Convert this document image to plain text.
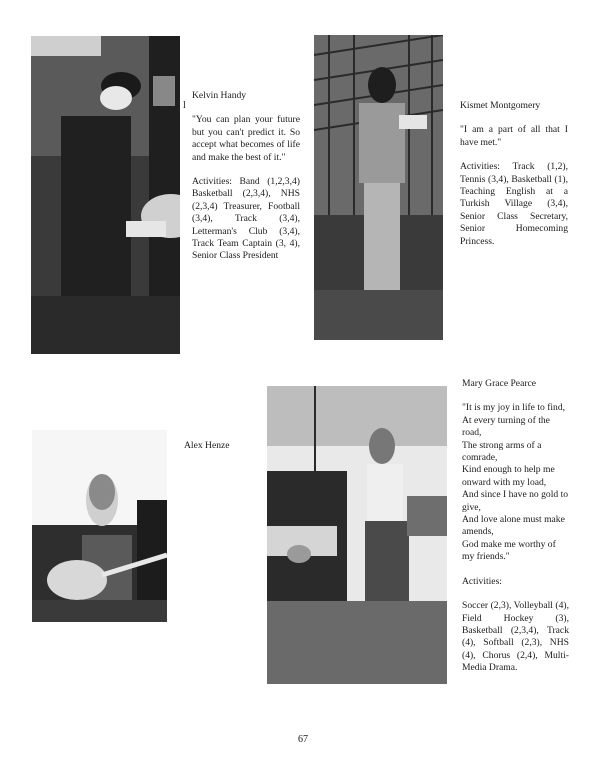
l
Kelvin Handy
"You can plan your future but you can't predict it. So accept what becomes of life and make the best of it."
Activities: Band (1,2,3,4) Basketball (2,3,4), NHS (2,3,4) Treasurer, Football (3,4), Track (3,4), Letterman's Club (3,4), Track Team Captain (3, 4), Senior Class President
Kismet Montgomery
"I am a part of all that I have met."
Activities: Track (1,2), Tennis (3,4), Basketball (1), Teaching English at a Turkish Village (3,4), Senior Class Secretary, Senior Homecoming Princess.
Alex Henze
Mary Grace Pearce
"It is my joy in life to find,
At every turning of the road,
The strong arms of a comrade,
Kind enough to help me onward with my load,
And since I have no gold to give,
And love alone must make amends,
God make me worthy of my friends."
Activities:
Soccer (2,3), Volleyball (4), Field Hockey (3), Basketball (2,3,4), Track (4), Softball (2,3), NHS (4), Chorus (2,4), Multi-Media Drama.
67
